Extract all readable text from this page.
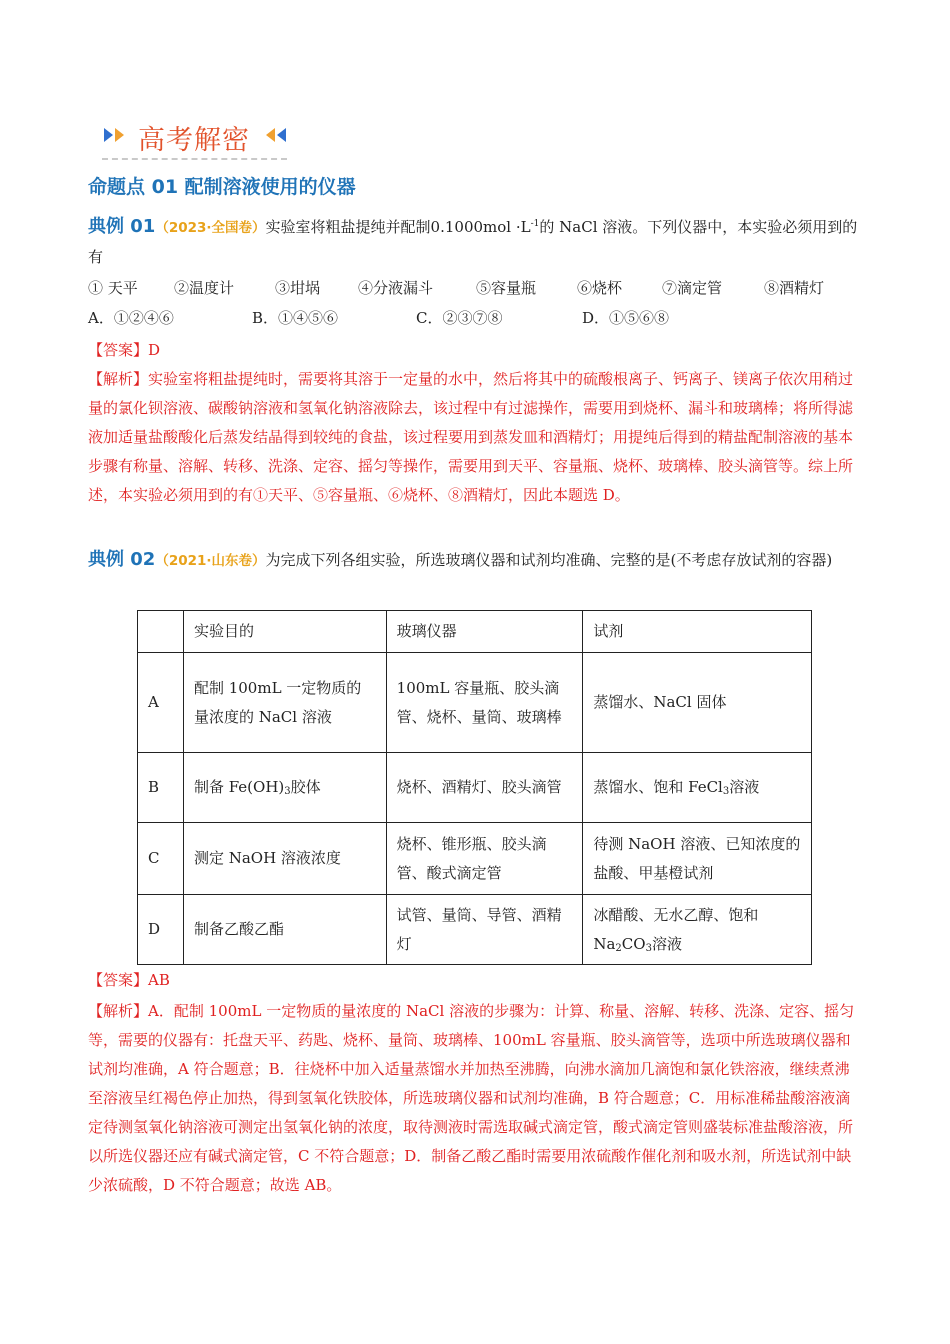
高考解密
命题点 01 配制溶液使用的仪器
典例 01（2023·全国卷）实验室将粗盐提纯并配制$0.1000mol \cdot L^{-1}$的 NaCl 溶液。下列仪器中，本实验必须用到的有
① 天平 ②温度计	③坩埚	④分液漏斗	⑤容量瓶	⑥烧杯	⑦滴定管	⑧酒精灯
A．①②④⑥	B．①④⑤⑥	C．②③⑦⑧	D．①⑤⑥⑧
【答案】D
【解析】实验室将粗盐提纯时，需要将其溶于一定量的水中，然后将其中的硫酸根离子、钙离子、镁离子依次用稍过量的氯化钡溶液、碳酸钠溶液和氢氧化钠溶液除去，该过程中有过滤操作，需要用到烧杯、漏斗和玻璃棒；将所得滤液加适量盐酸酸化后蒸发结晶得到较纯的食盐，该过程要用到蒸发皿和酒精灯；用提纯后得到的精盐配制溶液的基本步骤有称量、溶解、转移、洗涤、定容、摇匀等操作，需要用到天平、容量瓶、烧杯、玻璃棒、胶头滴管等。综上所述，本实验必须用到的有①天平、⑤容量瓶、⑥烧杯、⑧酒精灯，因此本题选 D。
典例 02（2021·山东卷）为完成下列各组实验，所选玻璃仪器和试剂均准确、完整的是(不考虑存放试剂的容器)
	实验目的	玻璃仪器	试剂
A	配制 100mL 一定物质的量浓度的 NaCl 溶液	100mL 容量瓶、胶头滴管、烧杯、量筒、玻璃棒	蒸馏水、NaCl 固体
B	制备 $Fe(OH)_3$胶体	烧杯、酒精灯、胶头滴管	蒸馏水、饱和 FeCl$_3$溶液
C	测定 NaOH 溶液浓度	烧杯、锥形瓶、胶头滴管、酸式滴定管	待测 NaOH 溶液、已知浓度的盐酸、甲基橙试剂
D	制备乙酸乙酯	试管、量筒、导管、酒精灯	冰醋酸、无水乙醇、饱和 $Na_2CO_3$溶液
【答案】AB
【解析】A．配制 100mL 一定物质的量浓度的 NaCl 溶液的步骤为：计算、称量、溶解、转移、洗涤、定容、摇匀等，需要的仪器有：托盘天平、药匙、烧杯、量筒、玻璃棒、100mL 容量瓶、胶头滴管等，选项中所选玻璃仪器和试剂均准确，A 符合题意；B．往烧杯中加入适量蒸馏水并加热至沸腾，向沸水滴加几滴饱和氯化铁溶液，继续煮沸至溶液呈红褐色停止加热，得到氢氧化铁胶体，所选玻璃仪器和试剂均准确，B 符合题意；C．用标准稀盐酸溶液滴定待测氢氧化钠溶液可测定出氢氧化钠的浓度，取待测液时需选取碱式滴定管，酸式滴定管则盛装标准盐酸溶液，所以所选仪器还应有碱式滴定管，C 不符合题意；D．制备乙酸乙酯时需要用浓硫酸作催化剂和吸水剂，所选试剂中缺少浓硫酸，D 不符合题意；故选 AB。
